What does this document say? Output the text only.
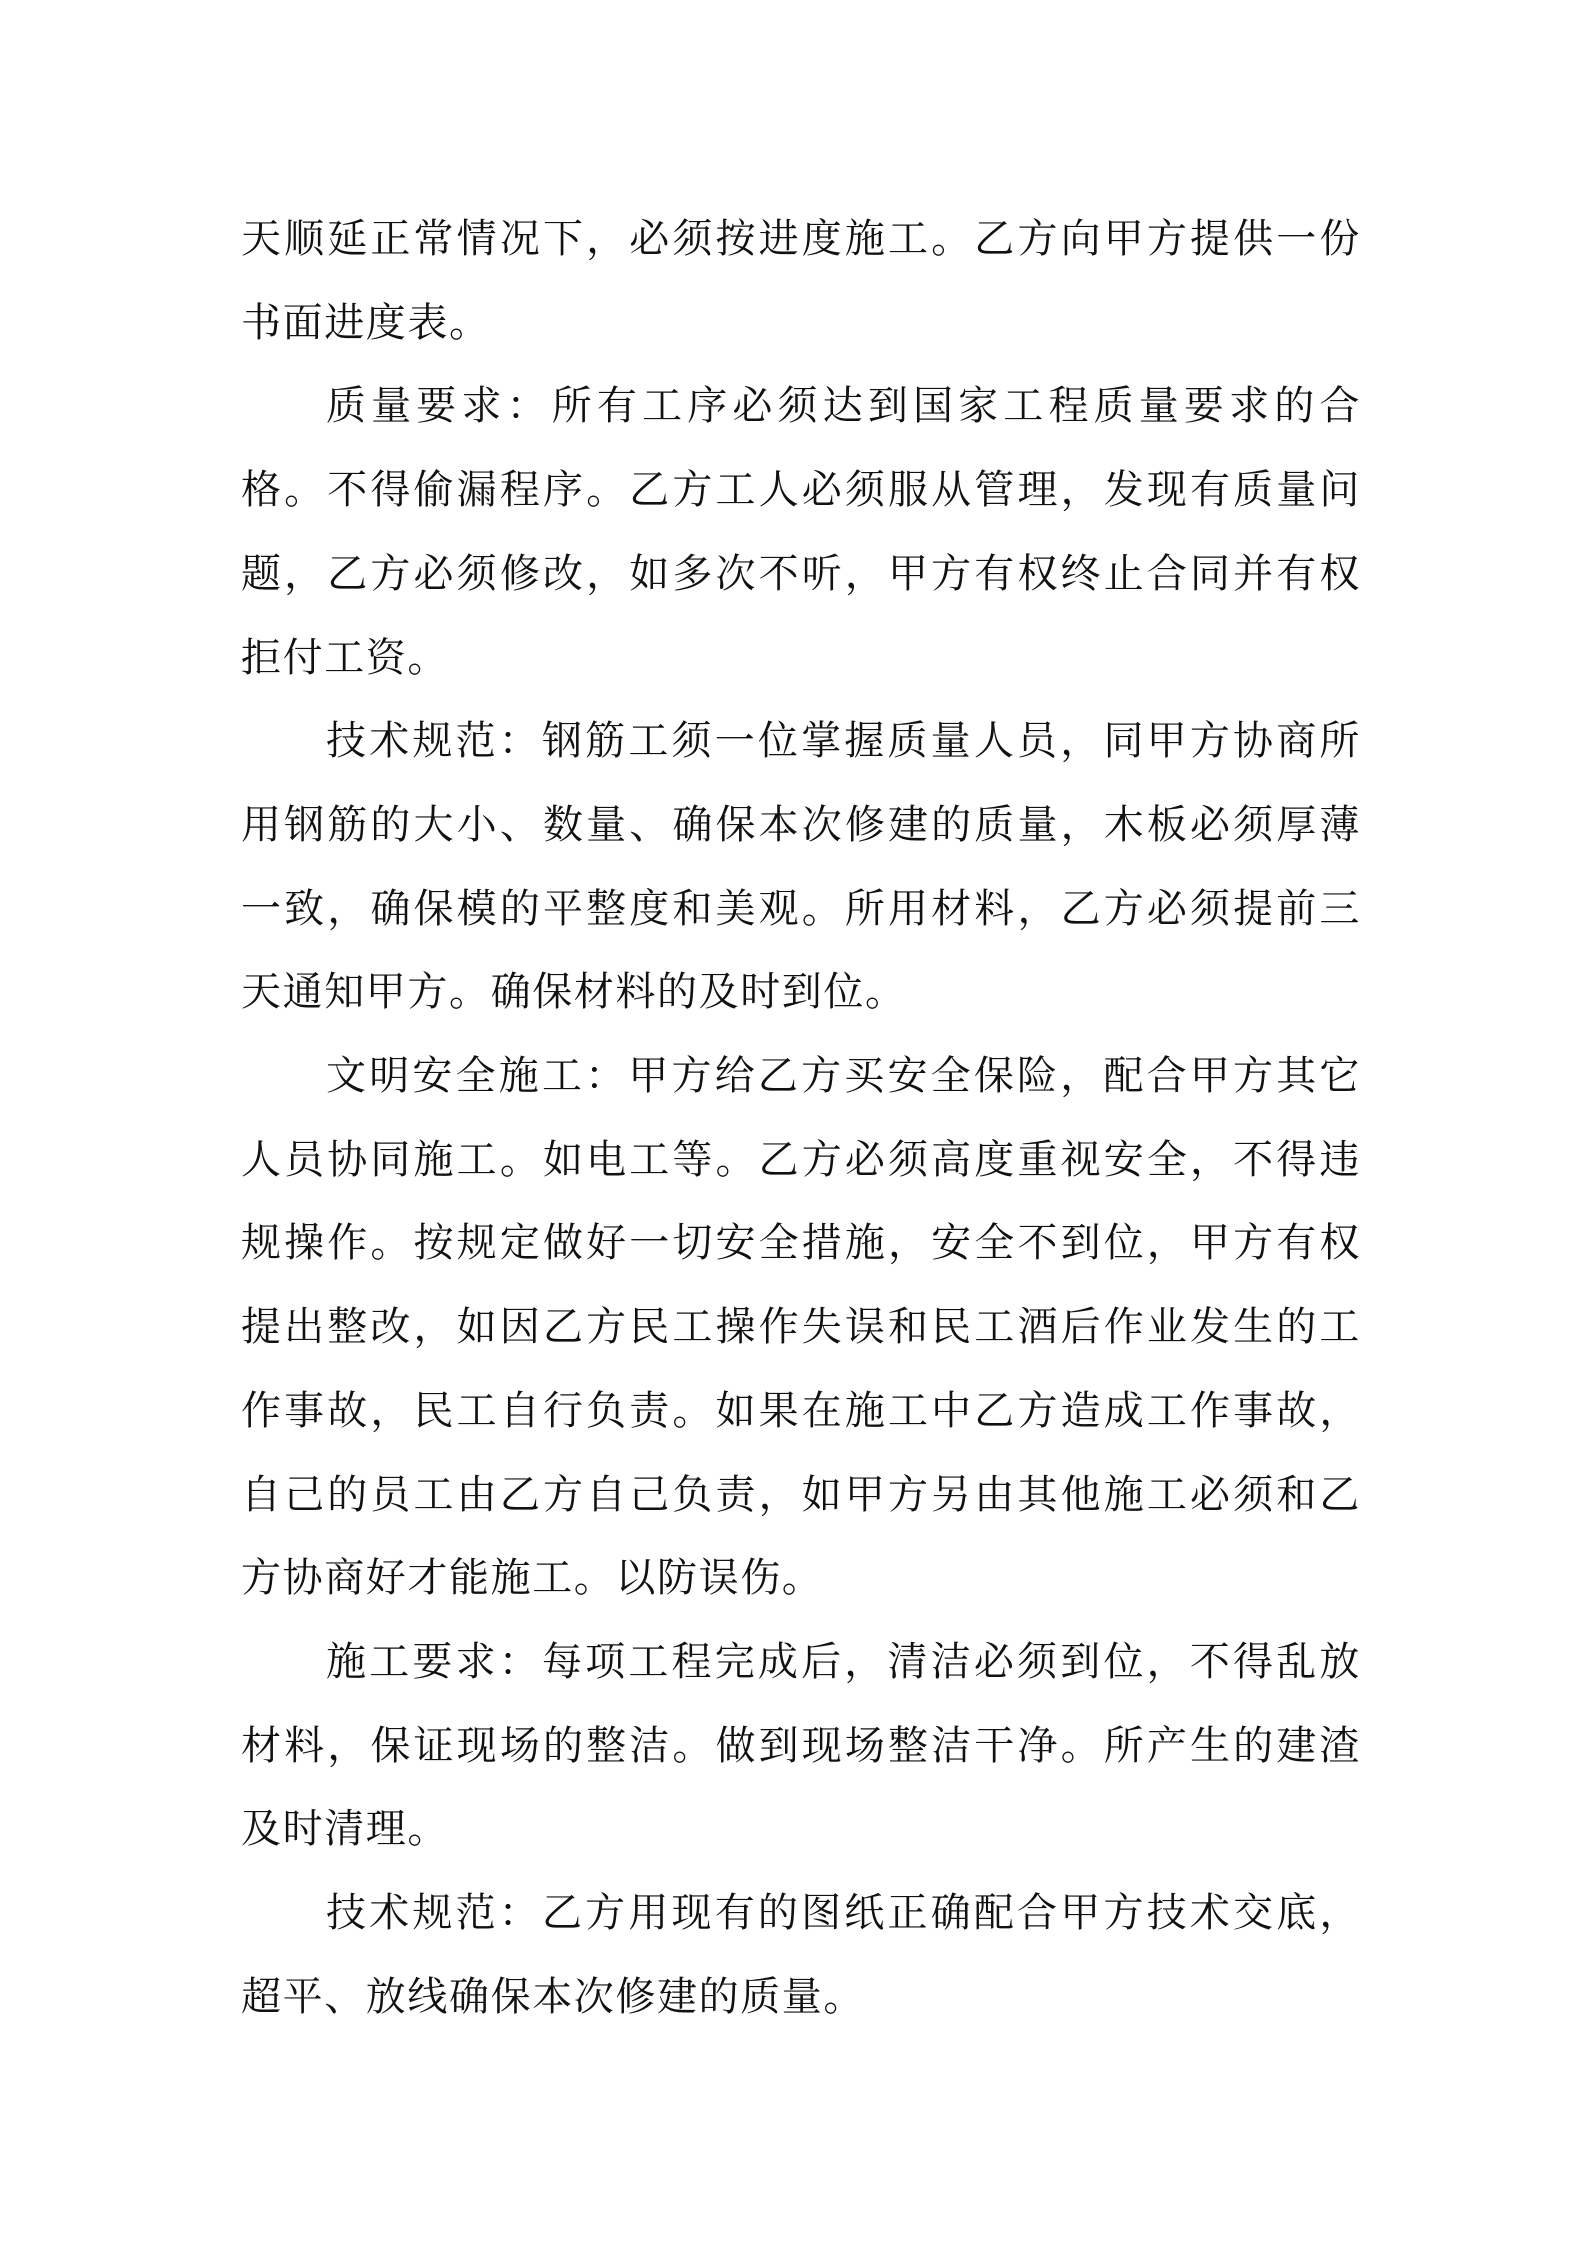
天顺延正常情况下，必须按进度施工。乙方向甲方提供一份书面进度表。

质量要求：所有工序必须达到国家工程质量要求的合格。不得偷漏程序。乙方工人必须服从管理，发现有质量问题，乙方必须修改，如多次不听，甲方有权终止合同并有权拒付工资。

技术规范：钢筋工须一位掌握质量人员，同甲方协商所用钢筋的大小、数量、确保本次修建的质量，木板必须厚薄一致，确保模的平整度和美观。所用材料，乙方必须提前三天通知甲方。确保材料的及时到位。

文明安全施工：甲方给乙方买安全保险，配合甲方其它人员协同施工。如电工等。乙方必须高度重视安全，不得违规操作。按规定做好一切安全措施，安全不到位，甲方有权提出整改，如因乙方民工操作失误和民工酒后作业发生的工作事故，民工自行负责。如果在施工中乙方造成工作事故，自己的员工由乙方自己负责，如甲方另由其他施工必须和乙方协商好才能施工。以防误伤。

施工要求：每项工程完成后，清洁必须到位，不得乱放材料，保证现场的整洁。做到现场整洁干净。所产生的建渣及时清理。

技术规范：乙方用现有的图纸正确配合甲方技术交底，超平、放线确保本次修建的质量。
